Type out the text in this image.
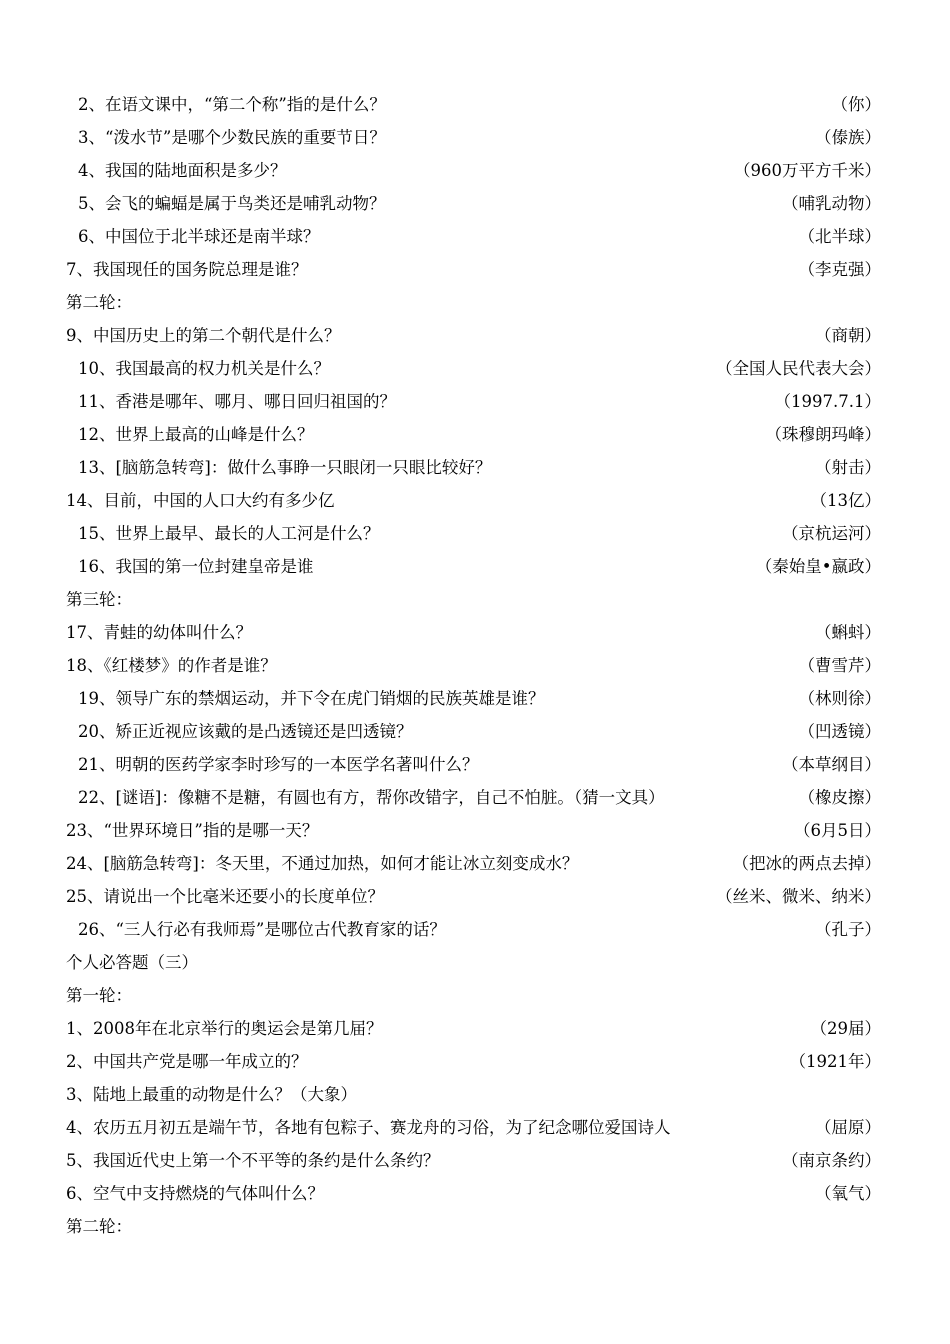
2、在语文课中，“第二个称”指的是什么？	（你）
3、“泼水节”是哪个少数民族的重要节日？	（傣族）
4、我国的陆地面积是多少？	（960万平方千米）
5、会飞的蝙蝠是属于鸟类还是哺乳动物？	（哺乳动物）
6、中国位于北半球还是南半球？	（北半球）
7、我国现任的国务院总理是谁？	（李克强）
第二轮：
9、中国历史上的第二个朝代是什么？	（商朝）
10、我国最高的权力机关是什么？	（全国人民代表大会）
11、香港是哪年、哪月、哪日回归祖国的？	（1997.7.1）
12、世界上最高的山峰是什么？	（珠穆朗玛峰）
13、[脑筋急转弯]：做什么事睁一只眼闭一只眼比较好？	（射击）
14、目前，中国的人口大约有多少亿	（13亿）
15、世界上最早、最长的人工河是什么？	（京杭运河）
16、我国的第一位封建皇帝是谁	（秦始皇•嬴政）
第三轮：
17、青蛙的幼体叫什么？	（蝌蚪）
18、《红楼梦》的作者是谁？	（曹雪芹）
19、领导广东的禁烟运动，并下令在虎门销烟的民族英雄是谁？	（林则徐）
20、矫正近视应该戴的是凸透镜还是凹透镜？	（凹透镜）
21、明朝的医药学家李时珍写的一本医学名著叫什么？	（本草纲目）
22、[谜语]：像糖不是糖，有圆也有方，帮你改错字，自己不怕脏。（猜一文具）	（橡皮擦）
23、“世界环境日”指的是哪一天？	（6月5日）
24、[脑筋急转弯]：冬天里，不通过加热，如何才能让冰立刻变成水？	（把冰的两点去掉）
25、请说出一个比毫米还要小的长度单位？	（丝米、微米、纳米）
26、“三人行必有我师焉”是哪位古代教育家的话？	（孔子）
个人必答题（三）
第一轮：
1、2008年在北京举行的奥运会是第几届？	（29届）
2、中国共产党是哪一年成立的？	（1921年）
3、陆地上最重的动物是什么？（大象）
4、农历五月初五是端午节，各地有包粽子、赛龙舟的习俗，为了纪念哪位爱国诗人	（屈原）
5、我国近代史上第一个不平等的条约是什么条约？	（南京条约）
6、空气中支持燃烧的气体叫什么？	（氧气）
第二轮：
